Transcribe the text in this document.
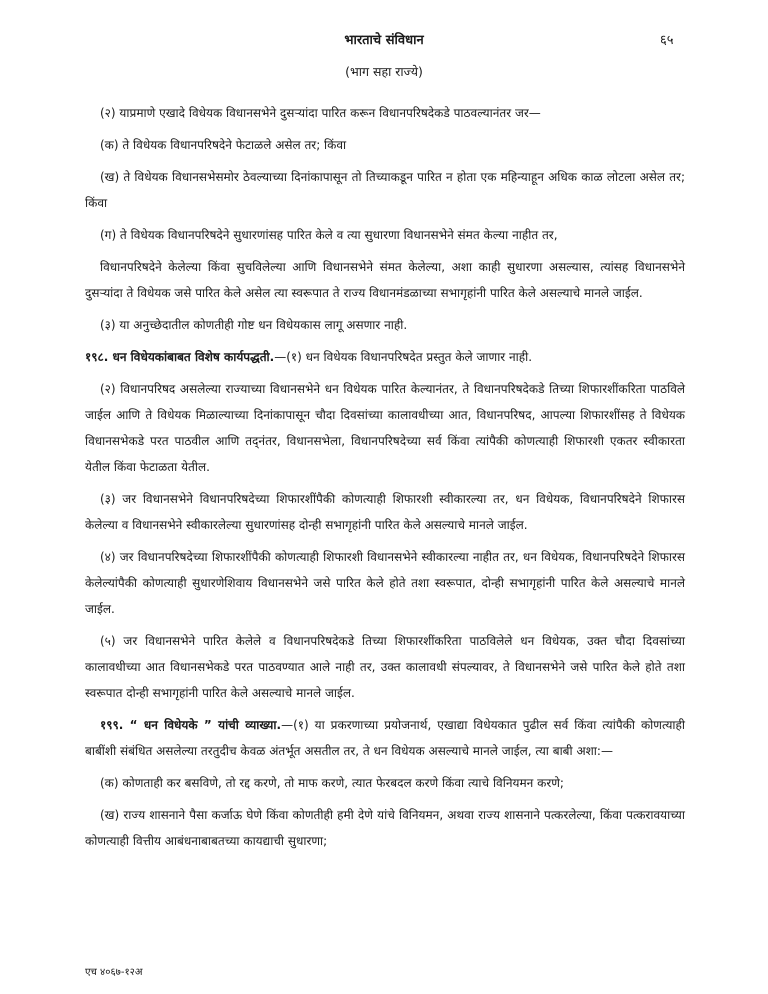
भारताचे संविधान	६५
(भाग सहा राज्ये)

(२) याप्रमाणे एखादे विधेयक विधानसभेने दुसऱ्यांदा पारित करून विधानपरिषदेकडे पाठवल्यानंतर जर—

(क) ते विधेयक विधानपरिषदेने फेटाळले असेल तर; किंवा

(ख) ते विधेयक विधानसभेसमोर ठेवल्याच्या दिनांकापासून तो तिच्याकडून पारित न होता एक महिन्याहून अधिक काळ लोटला असेल तर; किंवा

(ग) ते विधेयक विधानपरिषदेने सुधारणांसह पारित केले व त्या सुधारणा विधानसभेने संमत केल्या नाहीत तर,

विधानपरिषदेने केलेल्या किंवा सुचविलेल्या आणि विधानसभेने संमत केलेल्या, अशा काही सुधारणा असल्यास, त्यांसह विधानसभेने दुसऱ्यांदा ते विधेयक जसे पारित केले असेल त्या स्वरूपात ते राज्य विधानमंडळाच्या सभागृहांनी पारित केले असल्याचे मानले जाईल.

(३) या अनुच्छेदातील कोणतीही गोष्ट धन विधेयकास लागू असणार नाही.

१९८. धन विधेयकांबाबत विशेष कार्यपद्धती.—(१) धन विधेयक विधानपरिषदेत प्रस्तुत केले जाणार नाही.

(२) विधानपरिषद असलेल्या राज्याच्या विधानसभेने धन विधेयक पारित केल्यानंतर, ते विधानपरिषदेकडे तिच्या शिफारशींकरिता पाठविले जाईल आणि ते विधेयक मिळाल्याच्या दिनांकापासून चौदा दिवसांच्या कालावधीच्या आत, विधानपरिषद, आपल्या शिफारशींसह ते विधेयक विधानसभेकडे परत पाठवील आणि तद्नंतर, विधानसभेला, विधानपरिषदेच्या सर्व किंवा त्यांपैकी कोणत्याही शिफारशी एकतर स्वीकारता येतील किंवा फेटाळता येतील.

(३) जर विधानसभेने विधानपरिषदेच्या शिफारशींपैकी कोणत्याही शिफारशी स्वीकारल्या तर, धन विधेयक, विधानपरिषदेने शिफारस केलेल्या व विधानसभेने स्वीकारलेल्या सुधारणांसह दोन्ही सभागृहांनी पारित केले असल्याचे मानले जाईल.

(४) जर विधानपरिषदेच्या शिफारशींपैकी कोणत्याही शिफारशी विधानसभेने स्वीकारल्या नाहीत तर, धन विधेयक, विधानपरिषदेने शिफारस केलेल्यांपैकी कोणत्याही सुधारणेशिवाय विधानसभेने जसे पारित केले होते तशा स्वरूपात, दोन्ही सभागृहांनी पारित केले असल्याचे मानले जाईल.

(५) जर विधानसभेने पारित केलेले व विधानपरिषदेकडे तिच्या शिफारशींकरिता पाठविलेले धन विधेयक, उक्त चौदा दिवसांच्या कालावधीच्या आत विधानसभेकडे परत पाठवण्यात आले नाही तर, उक्त कालावधी संपल्यावर, ते विधानसभेने जसे पारित केले होते तशा स्वरूपात दोन्ही सभागृहांनी पारित केले असल्याचे मानले जाईल.

१९९. “ धन विधेयके ” यांची व्याख्या.—(१) या प्रकरणाच्या प्रयोजनार्थ, एखाद्या विधेयकात पुढील सर्व किंवा त्यांपैकी कोणत्याही बाबींशी संबंधित असलेल्या तरतुदीच केवळ अंतर्भूत असतील तर, ते धन विधेयक असल्याचे मानले जाईल, त्या बाबी अशा:—

(क) कोणताही कर बसविणे, तो रद्द करणे, तो माफ करणे, त्यात फेरबदल करणे किंवा त्याचे विनियमन करणे;

(ख) राज्य शासनाने पैसा कर्जाऊ घेणे किंवा कोणतीही हमी देणे यांचे विनियमन, अथवा राज्य शासनाने पत्करलेल्या, किंवा पत्करावयाच्या कोणत्याही वित्तीय आबंधनाबाबतच्या कायद्याची सुधारणा;

एच ४०६७-१२अ
